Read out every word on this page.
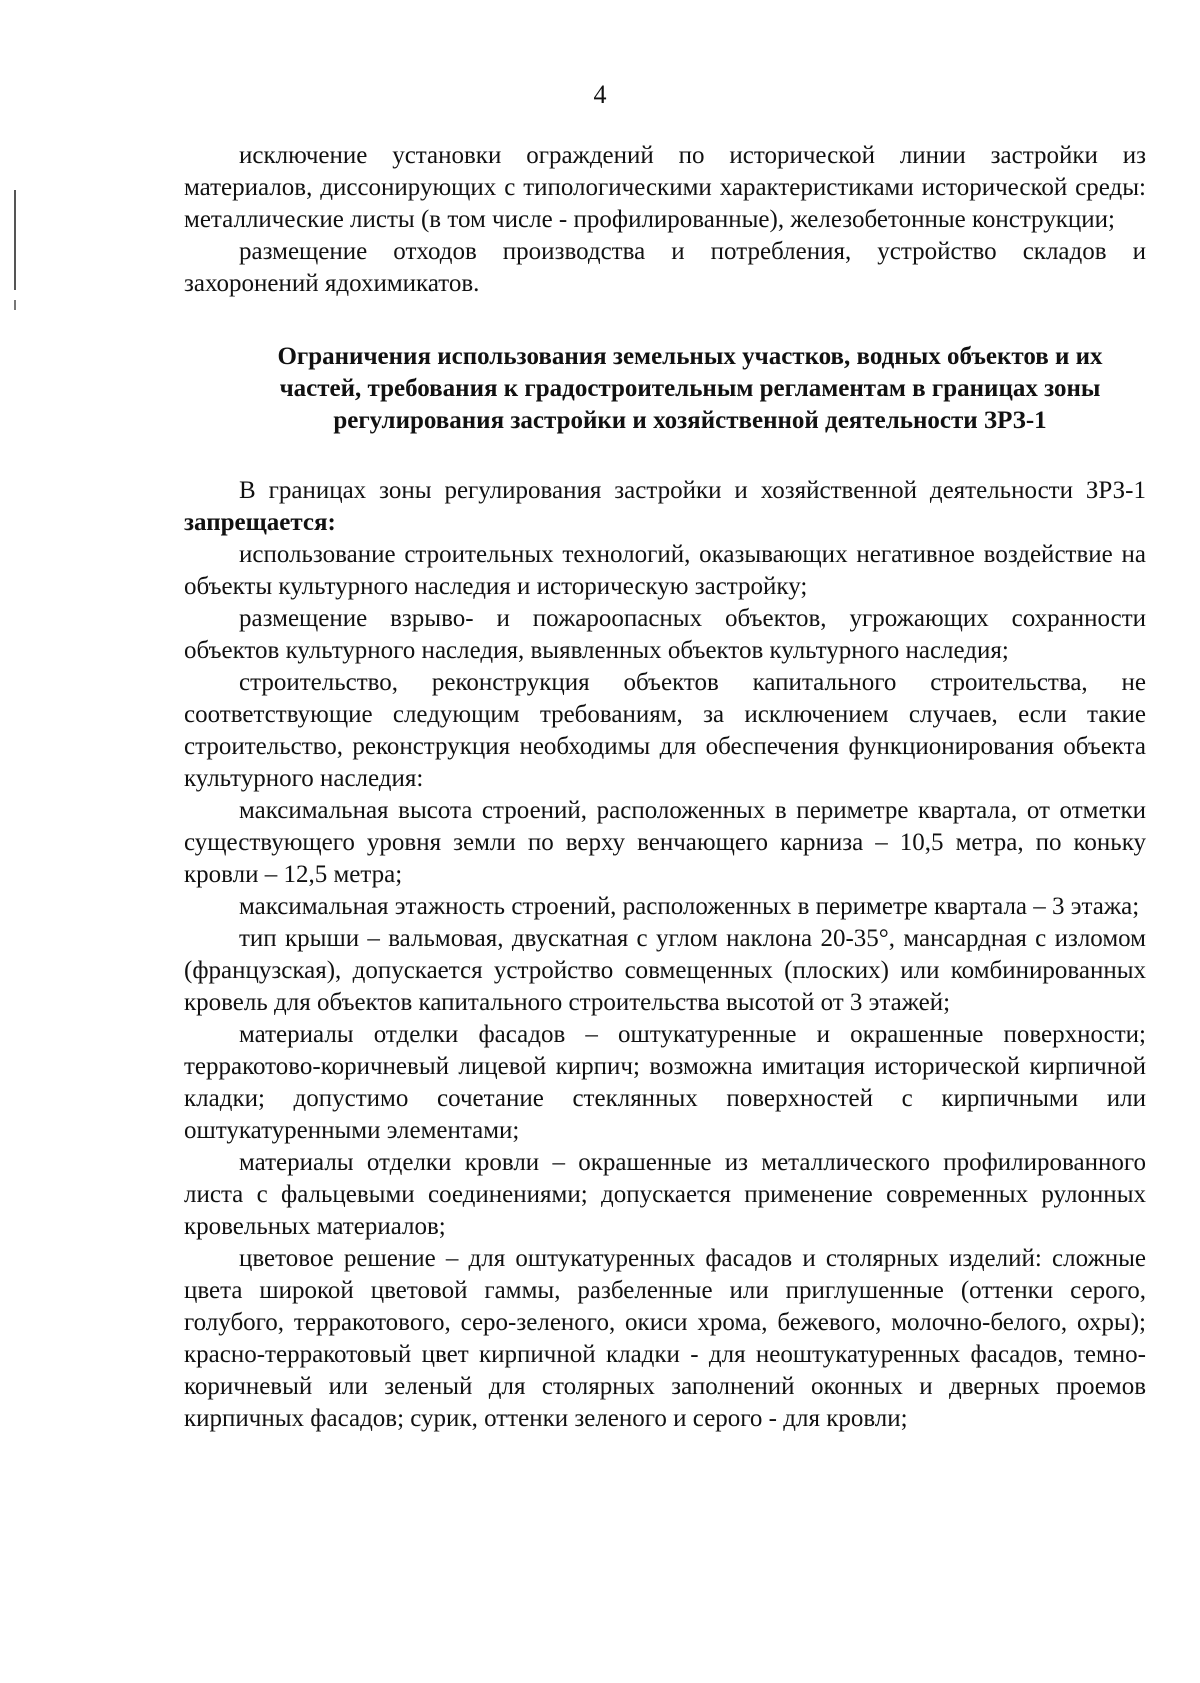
4

исключение установки ограждений по исторической линии застройки из материалов, диссонирующих с типологическими характеристиками исторической среды: металлические листы (в том числе - профилированные), железобетонные конструкции;

размещение отходов производства и потребления, устройство складов и захоронений ядохимикатов.

Ограничения использования земельных участков, водных объектов и их частей, требования к градостроительным регламентам в границах зоны регулирования застройки и хозяйственной деятельности ЗРЗ-1

В границах зоны регулирования застройки и хозяйственной деятельности ЗРЗ-1 запрещается:

использование строительных технологий, оказывающих негативное воздействие на объекты культурного наследия и историческую застройку;

размещение взрыво- и пожароопасных объектов, угрожающих сохранности объектов культурного наследия, выявленных объектов культурного наследия;

строительство, реконструкция объектов капитального строительства, не соответствующие следующим требованиям, за исключением случаев, если такие строительство, реконструкция необходимы для обеспечения функционирования объекта культурного наследия:

максимальная высота строений, расположенных в периметре квартала, от отметки существующего уровня земли по верху венчающего карниза – 10,5 метра, по коньку кровли – 12,5 метра;

максимальная этажность строений, расположенных в периметре квартала – 3 этажа;

тип крыши – вальмовая, двускатная с углом наклона 20-35°, мансардная с изломом (французская), допускается устройство совмещенных (плоских) или комбинированных кровель для объектов капитального строительства высотой от 3 этажей;

материалы отделки фасадов – оштукатуренные и окрашенные поверхности; терракотово-коричневый лицевой кирпич; возможна имитация исторической кирпичной кладки; допустимо сочетание стеклянных поверхностей с кирпичными или оштукатуренными элементами;

материалы отделки кровли – окрашенные из металлического профилированного листа с фальцевыми соединениями; допускается применение современных рулонных кровельных материалов;

цветовое решение – для оштукатуренных фасадов и столярных изделий: сложные цвета широкой цветовой гаммы, разбеленные или приглушенные (оттенки серого, голубого, терракотового, серо-зеленого, окиси хрома, бежевого, молочно-белого, охры); красно-терракотовый цвет кирпичной кладки - для неоштукатуренных фасадов, темно-коричневый или зеленый для столярных заполнений оконных и дверных проемов кирпичных фасадов; сурик, оттенки зеленого и серого - для кровли;
